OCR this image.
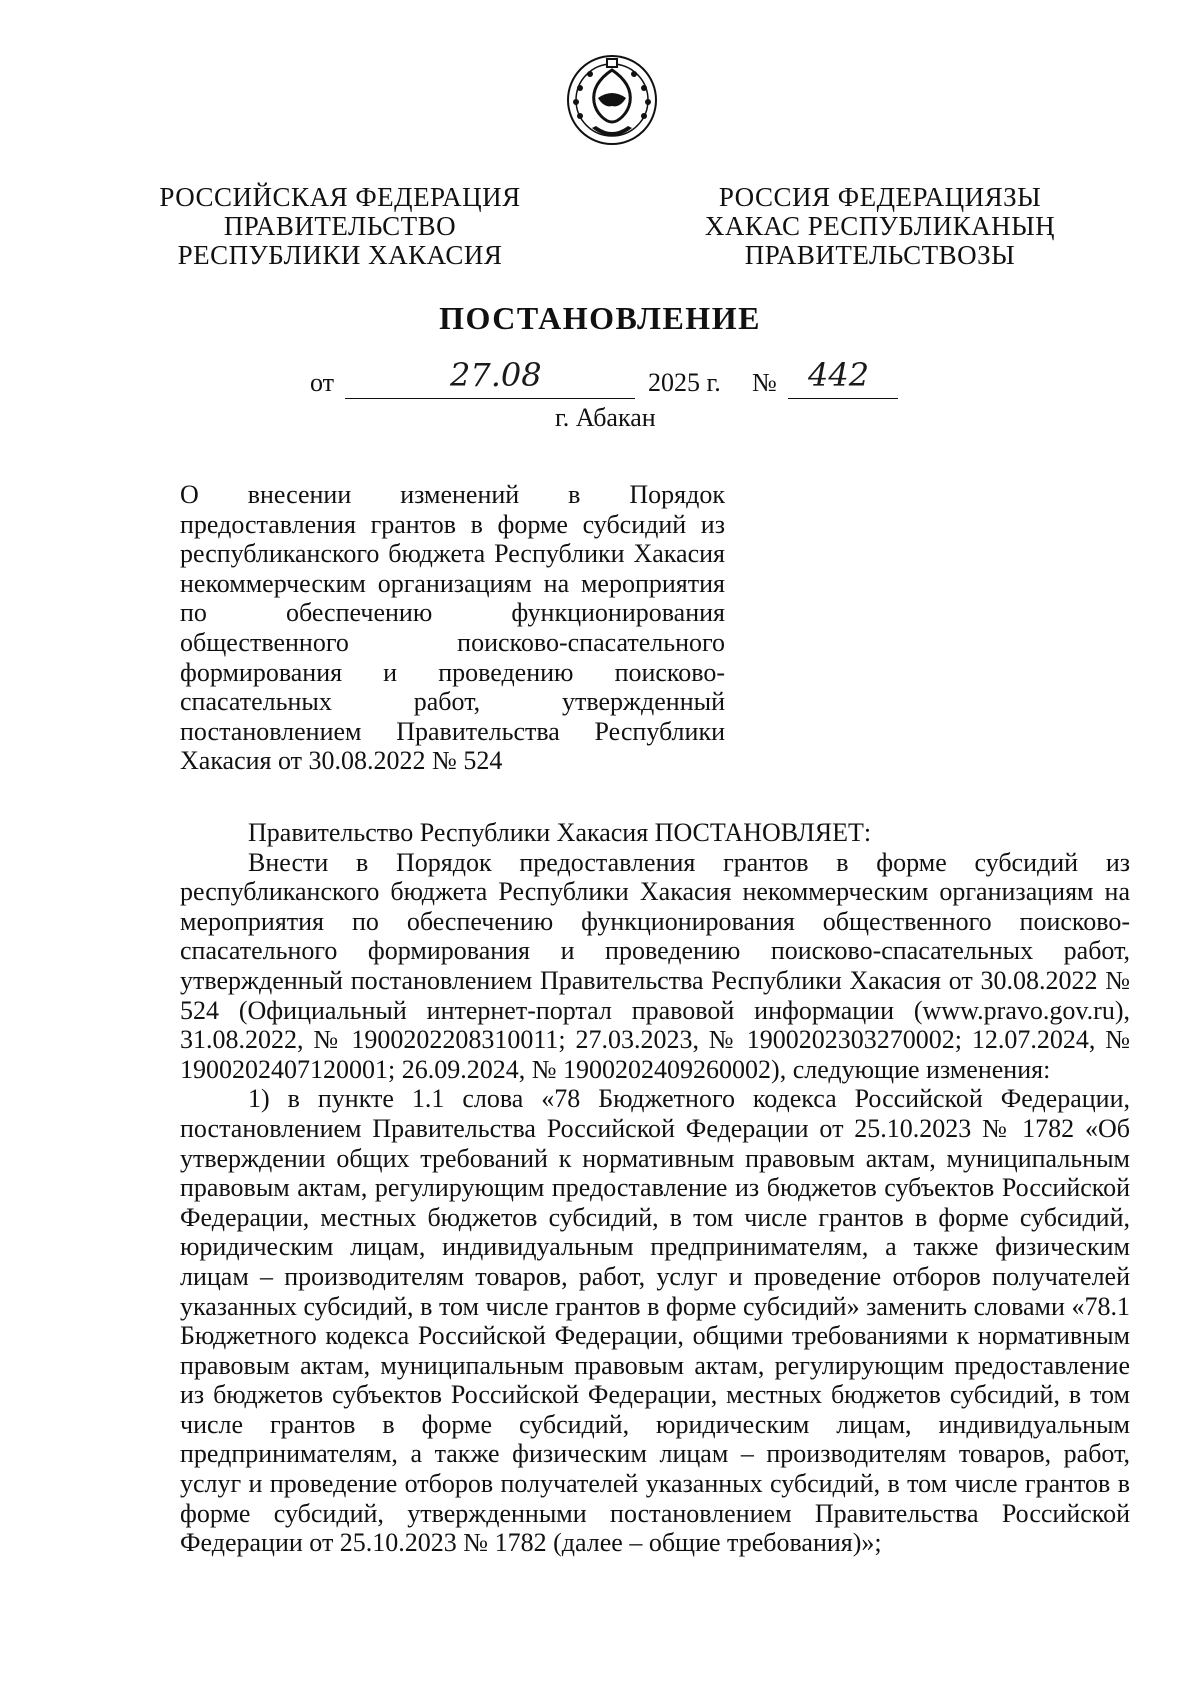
РОССИЙСКАЯ ФЕДЕРАЦИЯ
ПРАВИТЕЛЬСТВО
РЕСПУБЛИКИ ХАКАСИЯ
РОССИЯ ФЕДЕРАЦИЯЗЫ
ХАКАС РЕСПУБЛИКАНЫҢ
ПРАВИТЕЛЬСТВОЗЫ
ПОСТАНОВЛЕНИЕ
от	27.08	2025 г. № 442
г. Абакан
О внесении изменений в Порядок предоставления грантов в форме субсидий из республиканского бюджета Республики Хакасия некоммерческим организациям на мероприятия по обеспечению функционирования общественного поисково-спасательного формирования и проведению поисково-спасательных работ, утвержденный постановлением Правительства Республики Хакасия от 30.08.2022 № 524

Правительство Республики Хакасия ПОСТАНОВЛЯЕТ:

Внести в Порядок предоставления грантов в форме субсидий из республиканского бюджета Республики Хакасия некоммерческим организациям на мероприятия по обеспечению функционирования общественного поисково-спасательного формирования и проведению поисково-спасательных работ, утвержденный постановлением Правительства Республики Хакасия от 30.08.2022 № 524 (Официальный интернет-портал правовой информации (www.pravo.gov.ru), 31.08.2022, № 1900202208310011; 27.03.2023, № 1900202303270002; 12.07.2024, № 1900202407120001; 26.09.2024, № 1900202409260002), следующие изменения:

1) в пункте 1.1 слова «78 Бюджетного кодекса Российской Федерации, постановлением Правительства Российской Федерации от 25.10.2023 № 1782 «Об утверждении общих требований к нормативным правовым актам, муниципальным правовым актам, регулирующим предоставление из бюджетов субъектов Российской Федерации, местных бюджетов субсидий, в том числе грантов в форме субсидий, юридическим лицам, индивидуальным предпринимателям, а также физическим лицам – производителям товаров, работ, услуг и проведение отборов получателей указанных субсидий, в том числе грантов в форме субсидий» заменить словами «78.1 Бюджетного кодекса Российской Федерации, общими требованиями к нормативным правовым актам, муниципальным правовым актам, регулирующим предоставление из бюджетов субъектов Российской Федерации, местных бюджетов субсидий, в том числе грантов в форме субсидий, юридическим лицам, индивидуальным предпринимателям, а также физическим лицам – производителям товаров, работ, услуг и проведение отборов получателей указанных субсидий, в том числе грантов в форме субсидий, утвержденными постановлением Правительства Российской Федерации от 25.10.2023 № 1782 (далее – общие требования)»;
